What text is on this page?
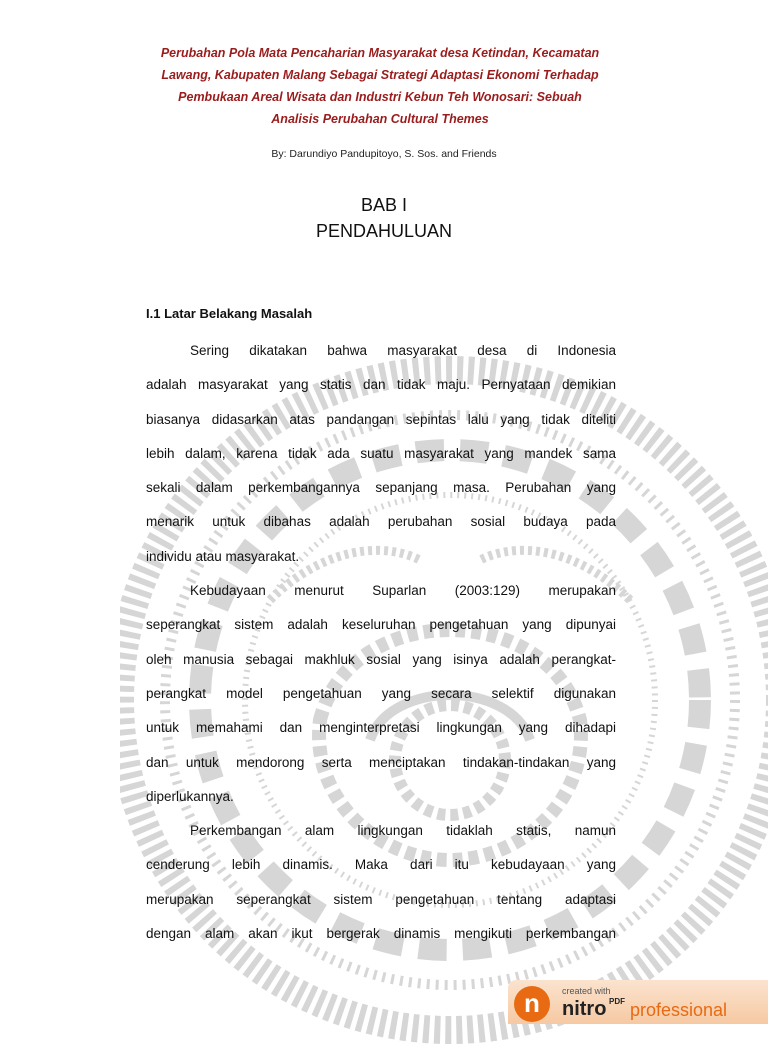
Perubahan Pola Mata Pencaharian Masyarakat desa Ketindan, Kecamatan
Lawang, Kabupaten Malang Sebagai Strategi Adaptasi Ekonomi Terhadap
Pembukaan Areal Wisata dan Industri Kebun Teh Wonosari: Sebuah
Analisis Perubahan Cultural Themes
By: Darundiyo Pandupitoyo, S. Sos. and Friends
BAB I
PENDAHULUAN
I.1 Latar Belakang Masalah
Sering dikatakan bahwa masyarakat desa di Indonesia
adalah masyarakat yang statis dan tidak maju. Pernyataan demikian
biasanya didasarkan atas pandangan sepintas lalu yang tidak diteliti
lebih dalam, karena tidak ada suatu masyarakat yang mandek sama
sekali dalam perkembangannya sepanjang masa. Perubahan yang
menarik untuk dibahas adalah perubahan sosial budaya pada
individu atau masyarakat.
Kebudayaan menurut Suparlan (2003:129) merupakan
seperangkat sistem adalah keseluruhan pengetahuan yang dipunyai
oleh manusia sebagai makhluk sosial yang isinya adalah perangkat-
perangkat model pengetahuan yang secara selektif digunakan
untuk memahami dan menginterpretasi lingkungan yang dihadapi
dan untuk mendorong serta menciptakan tindakan-tindakan yang
diperlukannya.
Perkembangan alam lingkungan tidaklah statis, namun
cenderung lebih dinamis. Maka dari itu kebudayaan yang
merupakan seperangkat sistem pengetahuan tentang adaptasi
dengan alam akan ikut bergerak dinamis mengikuti perkembangan
n	created with
nitro PDF professional
